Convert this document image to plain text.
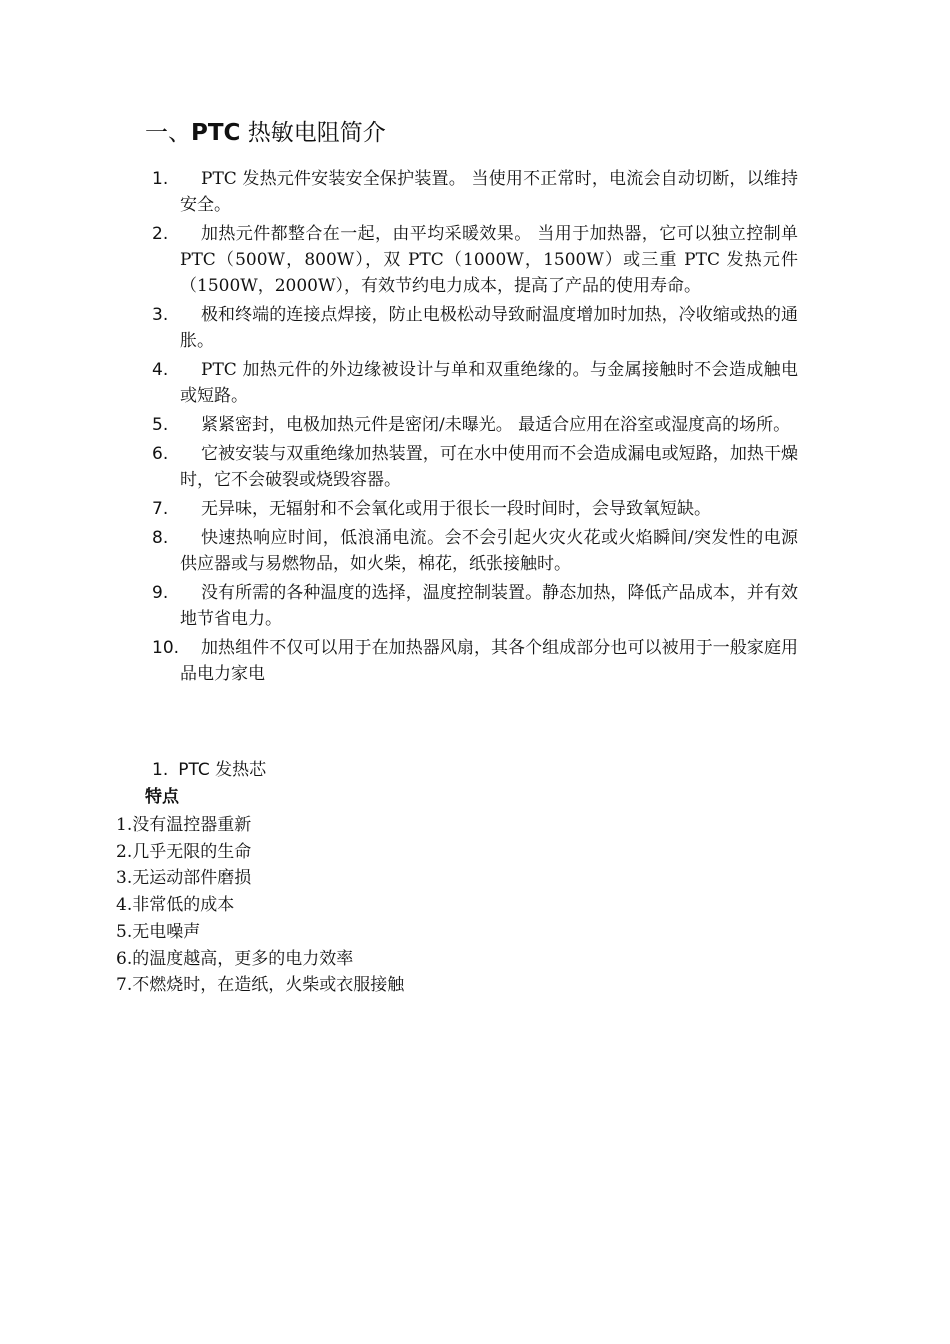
一、PTC 热敏电阻简介
1.	PTC 发热元件安装安全保护装置。 当使用不正常时，电流会自动切断，以维持安全。
2.	加热元件都整合在一起，由平均采暖效果。 当用于加热器，它可以独立控制单 PTC（500W，800W），双 PTC（1000W，1500W）或三重 PTC 发热元件（1500W，2000W），有效节约电力成本，提高了产品的使用寿命。
3.	极和终端的连接点焊接，防止电极松动导致耐温度增加时加热，冷收缩或热的通胀。
4.	PTC 加热元件的外边缘被设计与单和双重绝缘的。与金属接触时不会造成触电或短路。
5.	紧紧密封，电极加热元件是密闭/未曝光。 最适合应用在浴室或湿度高的场所。
6.	它被安装与双重绝缘加热装置，可在水中使用而不会造成漏电或短路，加热干燥时，它不会破裂或烧毁容器。
7.	无异味，无辐射和不会氧化或用于很长一段时间时，会导致氧短缺。
8.	快速热响应时间，低浪涌电流。会不会引起火灾火花或火焰瞬间/突发性的电源供应器或与易燃物品，如火柴，棉花，纸张接触时。
9.	没有所需的各种温度的选择，温度控制装置。静态加热，降低产品成本，并有效地节省电力。
10.	加热组件不仅可以用于在加热器风扇，其各个组成部分也可以被用于一般家庭用品电力家电
1. PTC 发热芯
特点
1.没有温控器重新
2.几乎无限的生命
3.无运动部件磨损
4.非常低的成本
5.无电噪声
6.的温度越高，更多的电力效率
7.不燃烧时，在造纸，火柴或衣服接触
